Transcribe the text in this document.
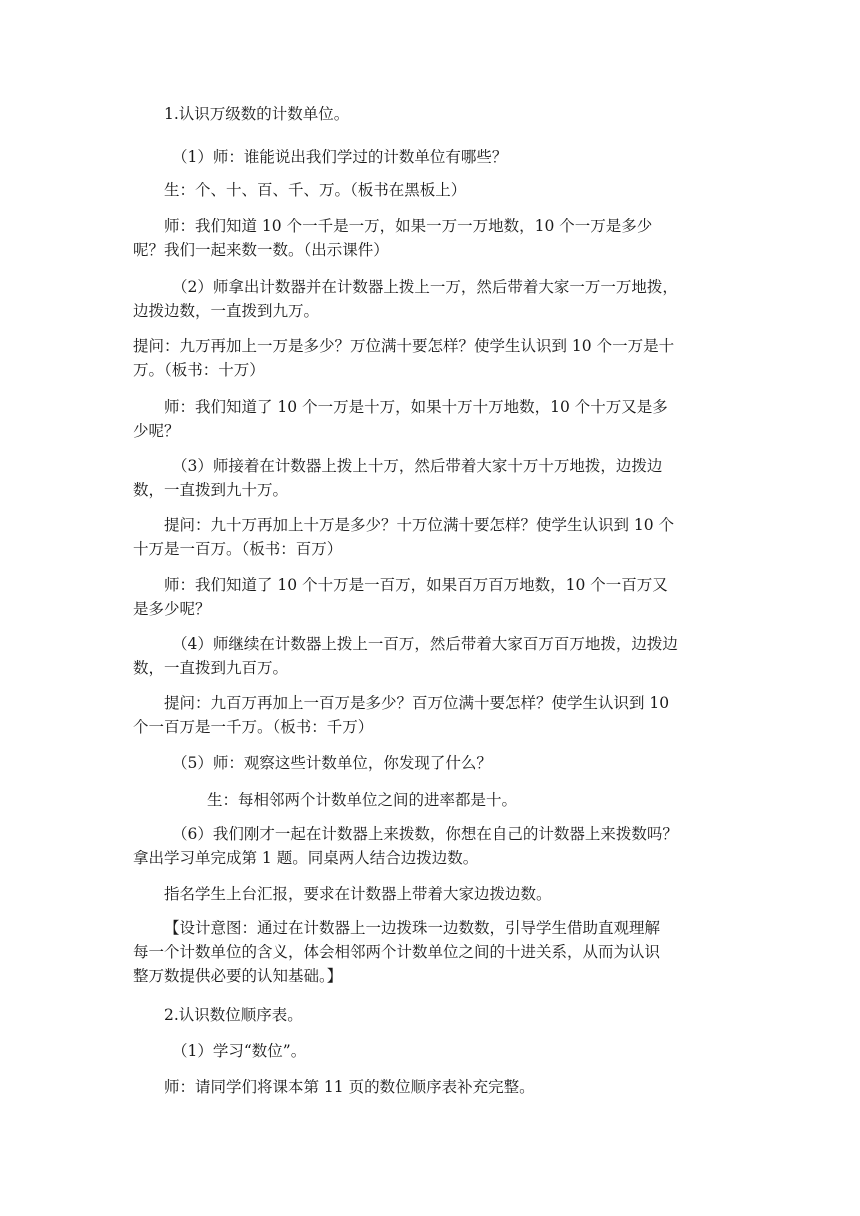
1.认识万级数的计数单位。

（1）师：谁能说出我们学过的计数单位有哪些？

生：个、十、百、千、万。（板书在黑板上）

师：我们知道 10 个一千是一万，如果一万一万地数，10 个一万是多少
呢？我们一起来数一数。（出示课件）

（2）师拿出计数器并在计数器上拨上一万，然后带着大家一万一万地拨，
边拨边数，一直拨到九万。

提问：九万再加上一万是多少？万位满十要怎样？使学生认识到 10 个一万是十
万。（板书：十万）

师：我们知道了 10 个一万是十万，如果十万十万地数，10 个十万又是多
少呢？

（3）师接着在计数器上拨上十万，然后带着大家十万十万地拨，边拨边
数，一直拨到九十万。

提问：九十万再加上十万是多少？十万位满十要怎样？使学生认识到 10 个
十万是一百万。（板书：百万）

师：我们知道了 10 个十万是一百万，如果百万百万地数，10 个一百万又
是多少呢？

（4）师继续在计数器上拨上一百万，然后带着大家百万百万地拨，边拨边
数，一直拨到九百万。

提问：九百万再加上一百万是多少？百万位满十要怎样？使学生认识到 10
个一百万是一千万。（板书：千万）

（5）师：观察这些计数单位，你发现了什么？

生：每相邻两个计数单位之间的进率都是十。

（6）我们刚才一起在计数器上来拨数，你想在自己的计数器上来拨数吗？
拿出学习单完成第 1 题。同桌两人结合边拨边数。

指名学生上台汇报，要求在计数器上带着大家边拨边数。

【设计意图：通过在计数器上一边拨珠一边数数，引导学生借助直观理解
每一个计数单位的含义，体会相邻两个计数单位之间的十进关系，从而为认识
整万数提供必要的认知基础。】

2.认识数位顺序表。

（1）学习“数位”。

师：请同学们将课本第 11 页的数位顺序表补充完整。
